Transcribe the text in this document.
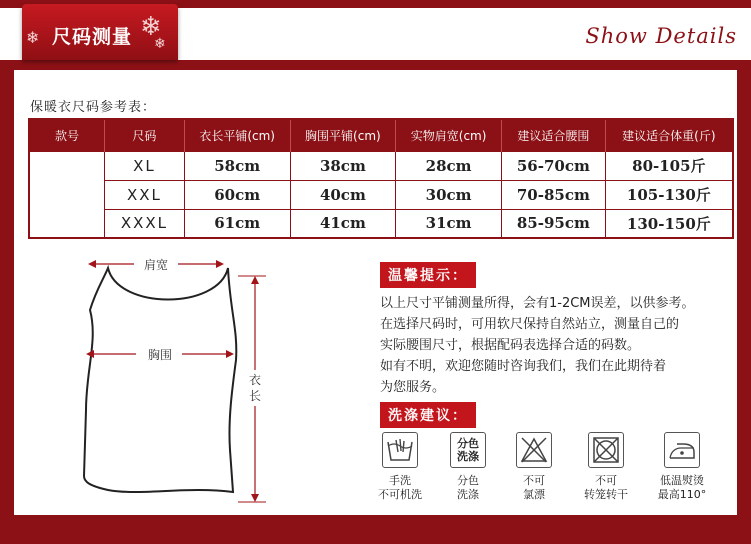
❄ 尺码测量 ❄
❄	Show Details
保暖衣尺码参考表：
款号	尺码	衣长平铺(cm)	胸围平铺(cm)	实物肩宽(cm)	建议适合腰围	建议适合体重(斤)
	XL	58cm	38cm	28cm	56-70cm	80-105斤
	XXL	60cm	40cm	30cm	70-85cm	105-130斤
	XXXL	61cm	41cm	31cm	85-95cm	130-150斤
肩宽
胸围
衣
长
温馨提示：
以上尺寸平铺测量所得，会有1-2CM误差，以供参考。
在选择尺码时，可用软尺保持自然站立，测量自己的
实际腰围尺寸，根据配码表选择合适的码数。
如有不明，欢迎您随时咨询我们，我们在此期待着
为您服务。
洗涤建议：
手洗
不可机洗
分色
洗涤
分色
洗涤
不可
氯漂
不可
转笼转干
低温熨烫
最高110°
